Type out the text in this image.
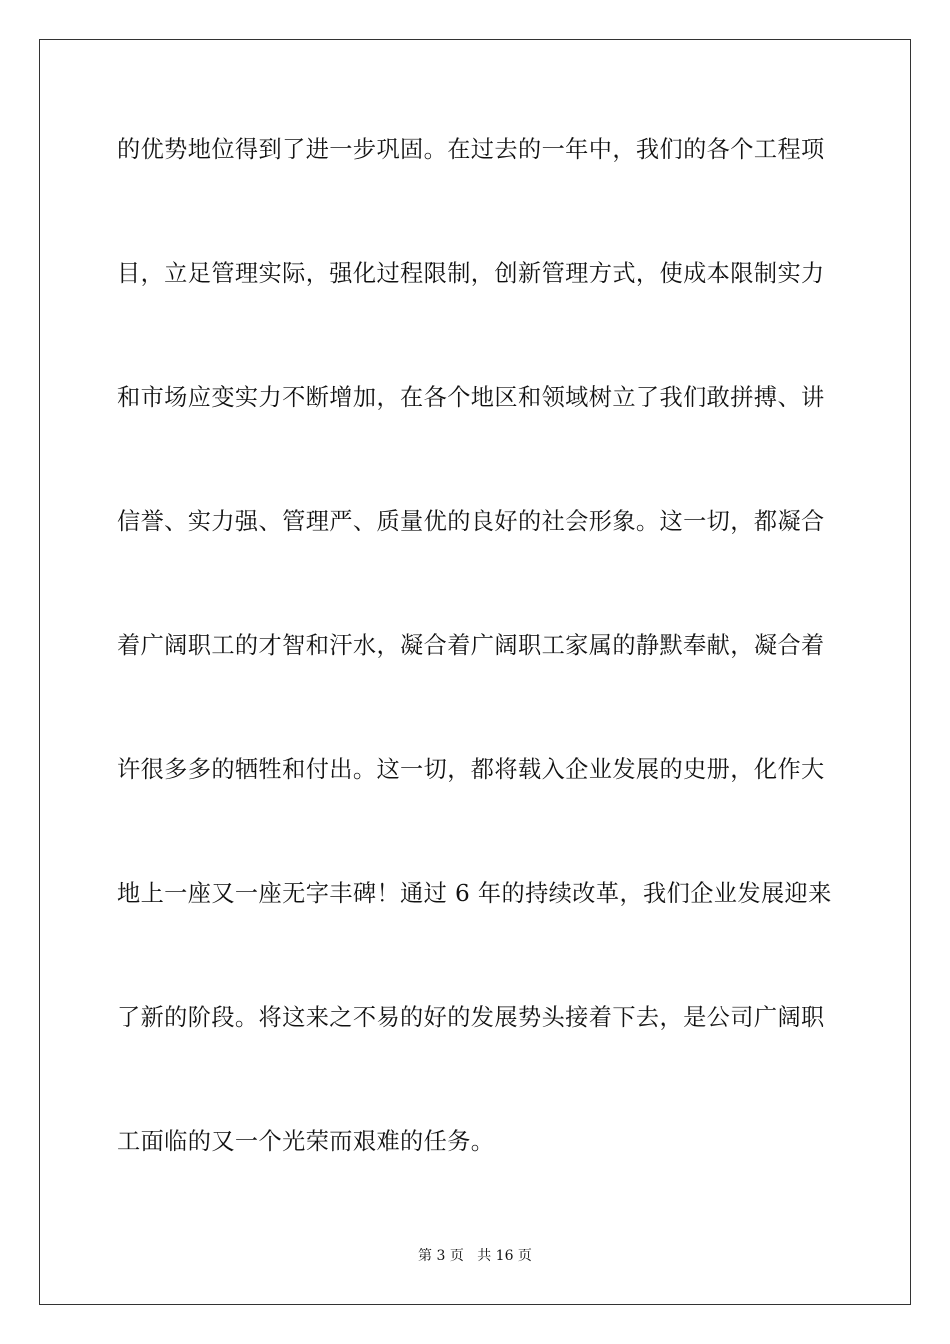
的优势地位得到了进一步巩固。在过去的一年中，我们的各个工程项
目，立足管理实际，强化过程限制，创新管理方式，使成本限制实力
和市场应变实力不断增加，在各个地区和领域树立了我们敢拼搏、讲
信誉、实力强、管理严、质量优的良好的社会形象。这一切，都凝合
着广阔职工的才智和汗水，凝合着广阔职工家属的静默奉献，凝合着
许很多多的牺牲和付出。这一切，都将载入企业发展的史册，化作大
地上一座又一座无字丰碑！通过 6 年的持续改革，我们企业发展迎来
了新的阶段。将这来之不易的好的发展势头接着下去，是公司广阔职
工面临的又一个光荣而艰难的任务。
第 3 页 共 16 页
